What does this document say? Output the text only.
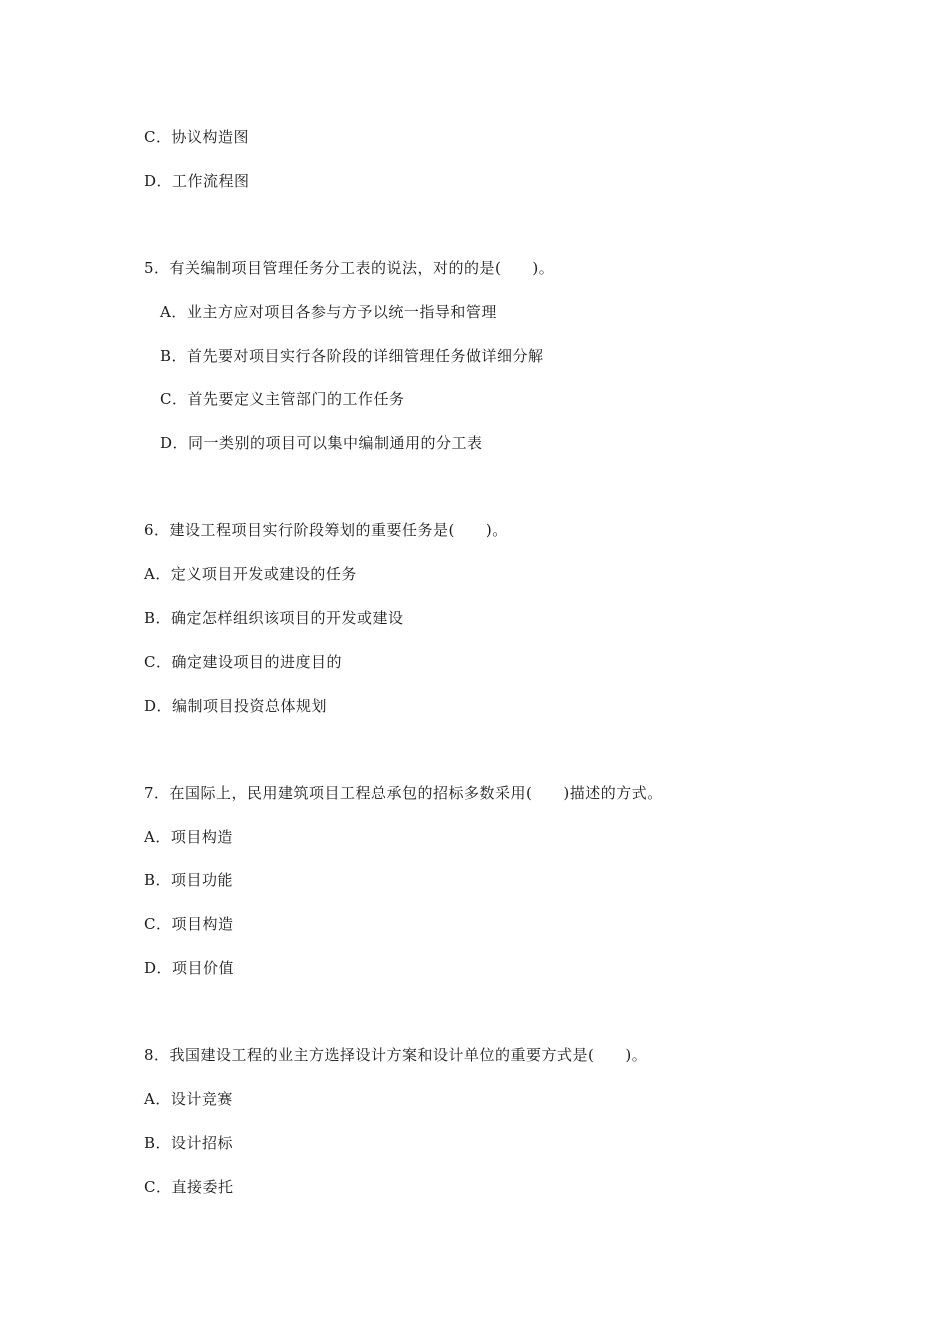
C．协议构造图
D．工作流程图
5．有关编制项目管理任务分工表的说法，对的的是(　　)。
A．业主方应对项目各参与方予以统一指导和管理
B．首先要对项目实行各阶段的详细管理任务做详细分解
C．首先要定义主管部门的工作任务
D．同一类别的项目可以集中编制通用的分工表
6．建设工程项目实行阶段筹划的重要任务是(　　)。
A．定义项目开发或建设的任务
B．确定怎样组织该项目的开发或建设
C．确定建设项目的进度目的
D．编制项目投资总体规划
7．在国际上，民用建筑项目工程总承包的招标多数采用(　　)描述的方式。
A．项目构造
B．项目功能
C．项目构造
D．项目价值
8．我国建设工程的业主方选择设计方案和设计单位的重要方式是(　　)。
A．设计竞赛
B．设计招标
C．直接委托
